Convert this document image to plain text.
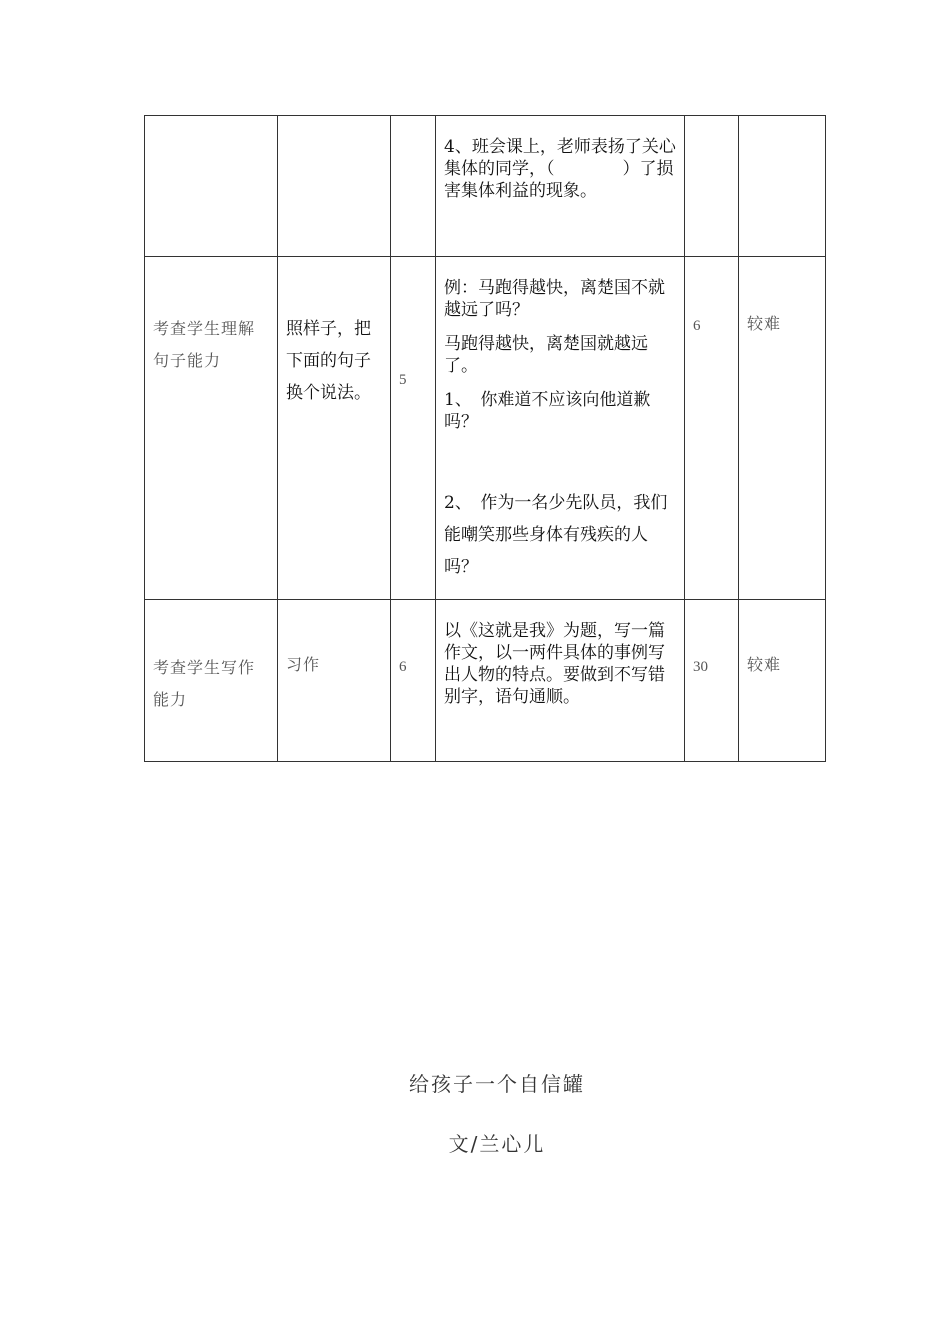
			4、班会课上，老师表扬了关心集体的同学，（　　　　）了损害集体利益的现象。		

考查学生理解句子能力	照样子，把下面的句子换个说法。	5	例：马跑得越快，离楚国不就越远了吗？

马跑得越快，离楚国就越远了。

1、　你难道不应该向他道歉吗？

2、　作为一名少先队员，我们能嘲笑那些身体有残疾的人吗？	6	较难

考查学生写作能力	习作	6	以《这就是我》为题，写一篇作文，以一两件具体的事例写出人物的特点。要做到不写错别字，语句通顺。	30	较难
给孩子一个自信罐
文/兰心儿
